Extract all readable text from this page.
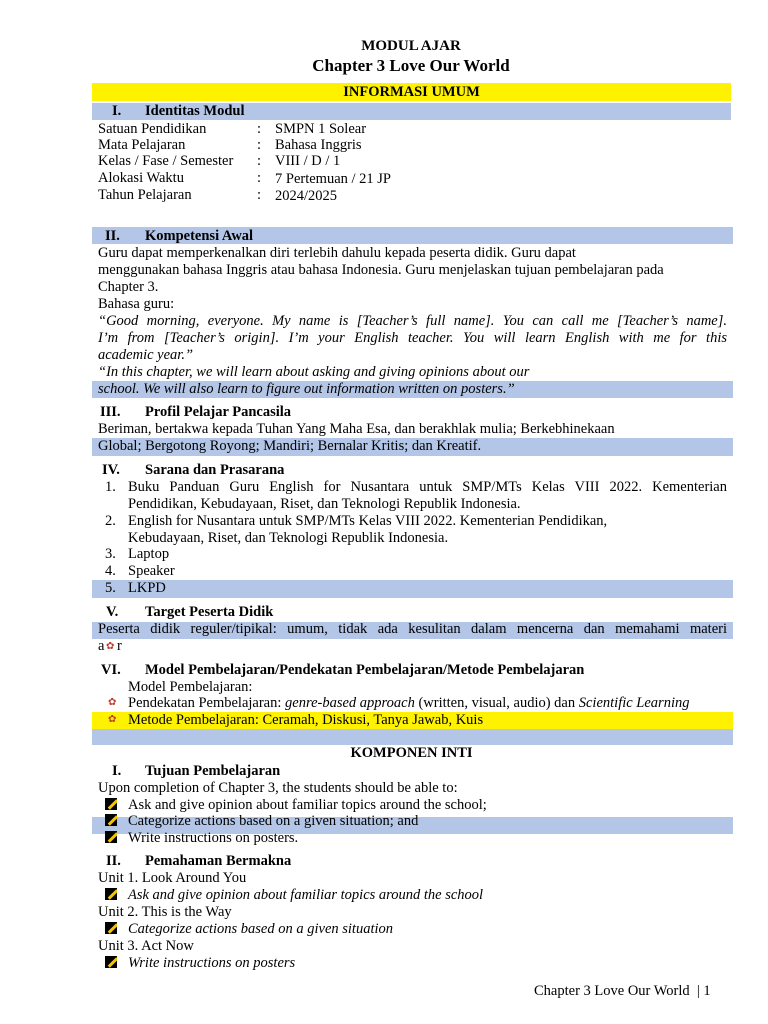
MODUL AJAR
Chapter 3 Love Our World
INFORMASI UMUM
I. Identitas Modul
Satuan Pendidikan	: SMPN 1 Solear
Mata Pelajaran	: Bahasa Inggris
Kelas / Fase / Semester : VIII / D / 1
Alokasi Waktu	: 7 Pertemuan / 21 JP
Tahun Pelajaran	: 2024/2025
II. Kompetensi Awal
Guru dapat memperkenalkan diri terlebih dahulu kepada peserta didik. Guru dapat
menggunakan bahasa Inggris atau bahasa Indonesia. Guru menjelaskan tujuan pembelajaran pada
Chapter 3.
Bahasa guru:
“Good morning, everyone. My name is [Teacher’s full name]. You can call me [Teacher’s name].
I’m from [Teacher’s origin]. I’m your English teacher. You will learn English with me for this
academic year.”
“In this chapter, we will learn about asking and giving opinions about our
school. We will also learn to figure out information written on posters.”
III. Profil Pelajar Pancasila
Beriman, bertakwa kepada Tuhan Yang Maha Esa, dan berakhlak mulia; Berkebhinekaan
Global; Bergotong Royong; Mandiri; Bernalar Kritis; dan Kreatif.
IV. Sarana dan Prasarana
1. Buku Panduan Guru English for Nusantara untuk SMP/MTs Kelas VIII 2022. Kementerian
Pendidikan, Kebudayaan, Riset, dan Teknologi Republik Indonesia.
2. English for Nusantara untuk SMP/MTs Kelas VIII 2022. Kementerian Pendidikan,
Kebudayaan, Riset, dan Teknologi Republik Indonesia.
3. Laptop
4. Speaker
5. LKPD
V. Target Peserta Didik
Peserta didik reguler/tipikal: umum, tidak ada kesulitan dalam mencerna dan memahami materi
a ✿ r
VI. Model Pembelajaran/Pendekatan Pembelajaran/Metode Pembelajaran
Model Pembelajaran:
✿ Pendekatan Pembelajaran: genre-based approach (written, visual, audio) dan Scientific Learning
✿ Metode Pembelajaran: Ceramah, Diskusi, Tanya Jawab, Kuis
KOMPONEN INTI
I. Tujuan Pembelajaran
Upon completion of Chapter 3, the students should be able to:
Ask and give opinion about familiar topics around the school;
Categorize actions based on a given situation; and
Write instructions on posters.
II. Pemahaman Bermakna
Unit 1. Look Around You
Ask and give opinion about familiar topics around the school
Unit 2. This is the Way
Categorize actions based on a given situation
Unit 3. Act Now
Write instructions on posters
Chapter 3 Love Our World | 1
